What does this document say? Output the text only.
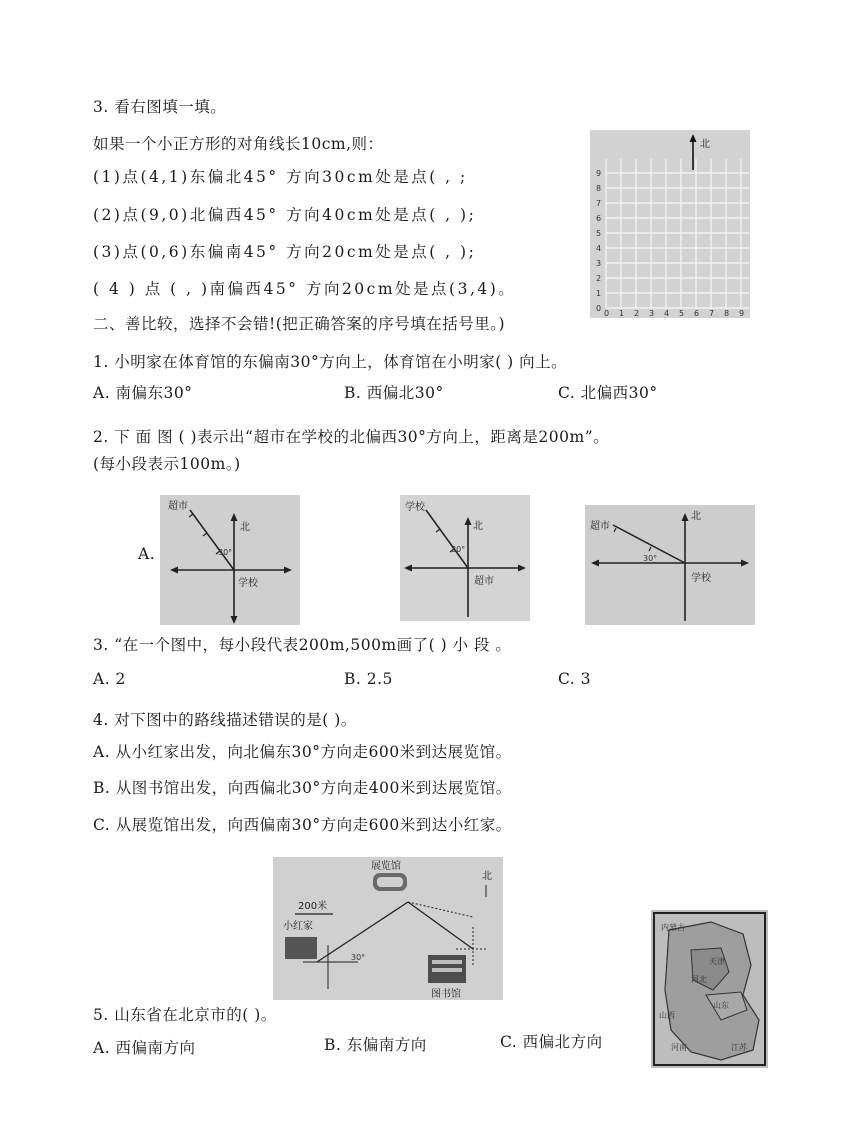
3. 看右图填一填。
如果一个小正方形的对角线长10cm,则：
(1)点(4,1)东偏北45° 方向30cm处是点( , ;
(2)点(9,0)北偏西45° 方向40cm处是点( , );
(3)点(0,6)东偏南45° 方向20cm处是点( , );
( 4 ) 点 ( , )南偏西45° 方向20cm处是点(3,4)。
北
0
1
2
3
4
5
6
7
8
9
0 1 2 3 4 5 6 7 8 9
二、善比较，选择不会错!(把正确答案的序号填在括号里。)
1. 小明家在体育馆的东偏南30°方向上，体育馆在小明家( ) 向上。
A. 南偏东30°	B. 西偏北30°	C. 北偏西30°
2. 下 面 图 ( )表示出“超市在学校的北偏西30°方向上，距离是200m”。
(每小段表示100m。)
A.
超市
北
30°
学校
学校
北
30°
超市
超市
北
30°
学校
3. “在一个图中，每小段代表200m,500m画了( ) 小 段 。
A. 2	B. 2.5	C. 3
4. 对下图中的路线描述错误的是( )。
A. 从小红家出发，向北偏东30°方向走600米到达展览馆。
B. 从图书馆出发，向西偏北30°方向走400米到达展览馆。
C. 从展览馆出发，向西偏南30°方向走600米到达小红家。
展览馆
北
200米
小红家
30°
图书馆
5. 山东省在北京市的( )。
A. 西偏南方向	B. 东偏南方向	C. 西偏北方向
内蒙古
天津
河北
山西
河南
山东
江苏
